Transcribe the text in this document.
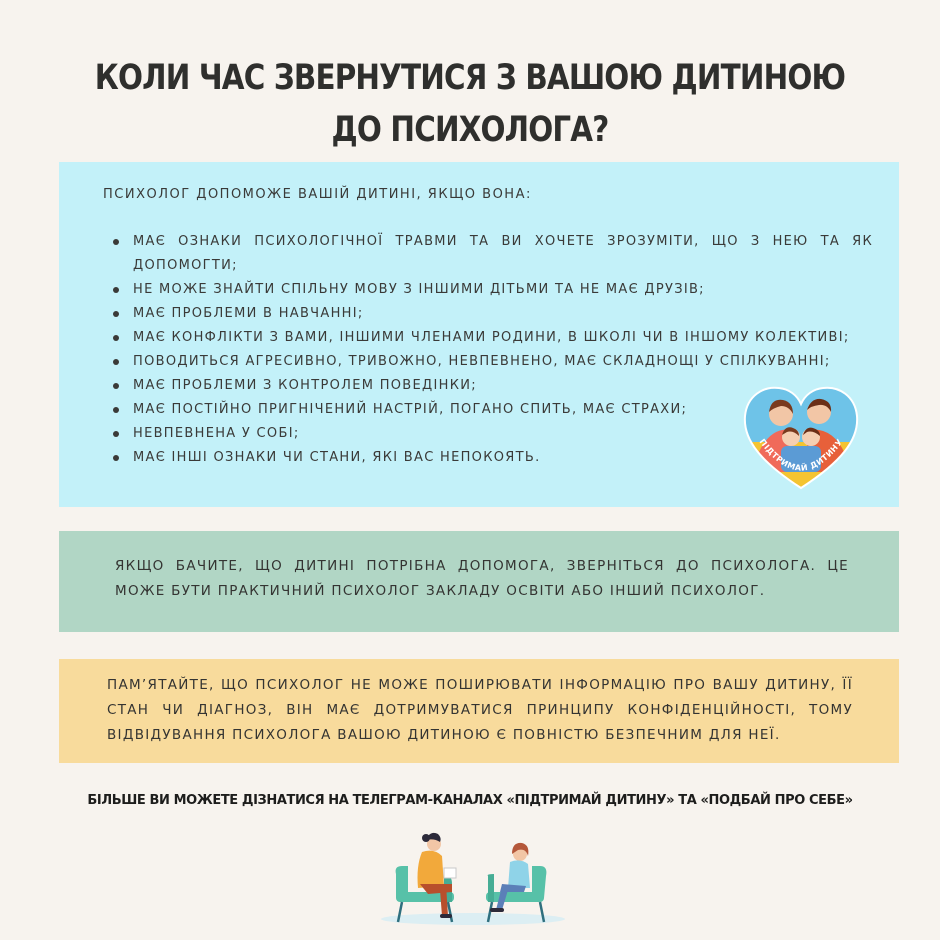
КОЛИ ЧАС ЗВЕРНУТИСЯ З ВАШОЮ ДИТИНОЮ
ДО ПСИХОЛОГА?
ПСИХОЛОГ ДОПОМОЖЕ ВАШІЙ ДИТИНІ, ЯКЩО ВОНА:
МАЄ ОЗНАКИ ПСИХОЛОГІЧНОЇ ТРАВМИ ТА ВИ ХОЧЕТЕ ЗРОЗУМІТИ, ЩО З НЕЮ ТА ЯК ДОПОМОГТИ;
НЕ МОЖЕ ЗНАЙТИ СПІЛЬНУ МОВУ З ІНШИМИ ДІТЬМИ ТА НЕ МАЄ ДРУЗІВ;
МАЄ ПРОБЛЕМИ В НАВЧАННІ;
МАЄ КОНФЛІКТИ З ВАМИ, ІНШИМИ ЧЛЕНАМИ РОДИНИ, В ШКОЛІ ЧИ В ІНШОМУ КОЛЕКТИВІ;
ПОВОДИТЬСЯ АГРЕСИВНО, ТРИВОЖНО, НЕВПЕВНЕНО, МАЄ СКЛАДНОЩІ У СПІЛКУВАННІ;
МАЄ ПРОБЛЕМИ З КОНТРОЛЕМ ПОВЕДІНКИ;
МАЄ ПОСТІЙНО ПРИГНІЧЕНИЙ НАСТРІЙ, ПОГАНО СПИТЬ, МАЄ СТРАХИ;
НЕВПЕВНЕНА У СОБІ;
МАЄ ІНШІ ОЗНАКИ ЧИ СТАНИ, ЯКІ ВАС НЕПОКОЯТЬ.
ПІДТРИМАЙ ДИТИНУ
ЯКЩО БАЧИТЕ, ЩО ДИТИНІ ПОТРІБНА ДОПОМОГА, ЗВЕРНІТЬСЯ ДО ПСИХОЛОГА. ЦЕ МОЖЕ БУТИ ПРАКТИЧНИЙ ПСИХОЛОГ ЗАКЛАДУ ОСВІТИ АБО ІНШИЙ ПСИХОЛОГ.
ПАМ’ЯТАЙТЕ, ЩО ПСИХОЛОГ НЕ МОЖЕ ПОШИРЮВАТИ ІНФОРМАЦІЮ ПРО ВАШУ ДИТИНУ, ЇЇ СТАН ЧИ ДІАГНОЗ, ВІН МАЄ ДОТРИМУВАТИСЯ ПРИНЦИПУ КОНФІДЕНЦІЙНОСТІ, ТОМУ ВІДВІДУВАННЯ ПСИХОЛОГА ВАШОЮ ДИТИНОЮ Є ПОВНІСТЮ БЕЗПЕЧНИМ ДЛЯ НЕЇ.
БІЛЬШЕ ВИ МОЖЕТЕ ДІЗНАТИСЯ НА ТЕЛЕГРАМ-КАНАЛАХ «ПІДТРИМАЙ ДИТИНУ» ТА «ПОДБАЙ ПРО СЕБЕ»
